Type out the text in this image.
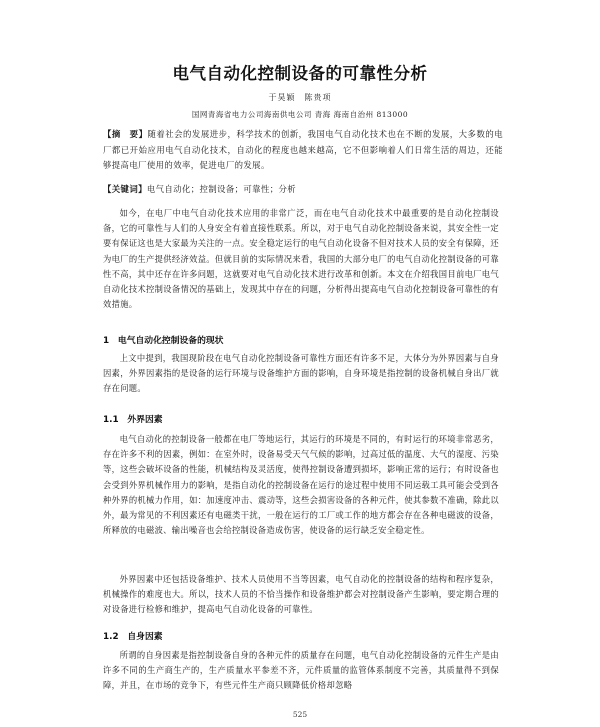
电气自动化控制设备的可靠性分析
于昊颖　陈贵项
国网青海省电力公司海南供电公司 青海 海南自治州 813000
【摘　要】随着社会的发展进步，科学技术的创新，我国电气自动化技术也在不断的发展，大多数的电厂都已开始应用电气自动化技术，自动化的程度也越来越高，它不但影响着人们日常生活的周边，还能够提高电厂使用的效率，促进电厂的发展。
【关键词】电气自动化；控制设备；可靠性；分析
如今，在电厂中电气自动化技术应用的非常广泛，而在电气自动化技术中最重要的是自动化控制设备，它的可靠性与人们的人身安全有着直接性联系。所以，对于电气自动化控制设备来说，其安全性一定要有保证这也是大家最为关注的一点。安全稳定运行的电气自动化设备不但对技术人员的安全有保障，还为电厂的生产提供经济效益。但就目前的实际情况来看，我国的大部分电厂的电气自动化控制设备的可靠性不高，其中还存在许多问题，这就要对电气自动化技术进行改革和创新。本文在介绍我国目前电厂电气自动化技术控制设备情况的基础上，发现其中存在的问题，分析得出提高电气自动化控制设备可靠性的有效措施。
1　电气自动化控制设备的现状
上文中提到，我国现阶段在电气自动化控制设备可靠性方面还有许多不足，大体分为外界因素与自身因素，外界因素指的是设备的运行环境与设备维护方面的影响，自身环境是指控制的设备机械自身出厂就存在问题。
1.1　外界因素
电气自动化的控制设备一般都在电厂等地运行，其运行的环境是不同的，有时运行的环境非常恶劣，存在许多不利的因素，例如：在室外时，设备易受天气气候的影响，过高过低的温度、大气的湿度、污染等，这些会破坏设备的性能，机械结构及灵活度，使得控制设备遭到损坏，影响正常的运行；有时设备也会受到外界机械作用力的影响，是指自动化的控制设备在运行的途过程中使用不同运载工具可能会受到各种外界的机械力作用，如：加速度冲击、震动等，这些会损害设备的各种元件，使其参数不准确，除此以外，最为常见的不利因素还有电磁类干扰，一般在运行的工厂或工作的地方都会存在各种电磁波的设备，所释放的电磁波、输出噪音也会给控制设备造成伤害，使设备的运行缺乏安全稳定性。
外界因素中还包括设备维护、技术人员使用不当等因素，电气自动化的控制设备的结构和程序复杂，机械操作的难度也大。所以，技术人员的不恰当操作和设备维护都会对控制设备产生影响，要定期合理的对设备进行检修和维护，提高电气自动化设备的可靠性。
1.2　自身因素
所谓的自身因素是指控制设备自身的各种元件的质量存在问题，电气自动化控制设备的元件生产是由许多不同的生产商生产的，生产质量水平参差不齐，元件质量的监管体系制度不完善，其质量得不到保障，并且，在市场的竞争下，有些元件生产商只顾降低价格却忽略
525
